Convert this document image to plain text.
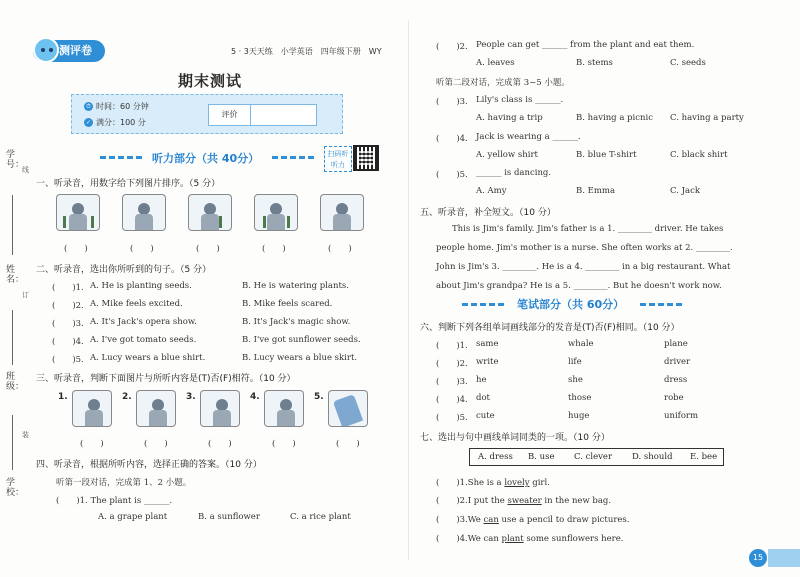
学号：
姓名：
班级：
学校：
线
订
装
测评卷	5 · 3天天练　小学英语　四年级下册　WY
期末测试
⏱ 时间：60 分钟
✓ 满分：100 分
评价
听力部分（共 40分）	扫码听听力
一、听录音，用数字给下列图片排序。（5 分）
(　　)	(　　)	(　　)	(　　)	(　　)
二、听录音，选出你所听到的句子。（5 分）
(　　)1. A. He is planting seeds.	B. He is watering plants.
(　　)2. A. Mike feels excited.	B. Mike feels scared.
(　　)3. A. It's Jack's opera show.	B. It's Jack's magic show.
(　　)4. A. I've got tomato seeds.	B. I've got sunflower seeds.
(　　)5. A. Lucy wears a blue shirt.	B. Lucy wears a blue skirt.
三、听录音，判断下面图片与所听内容是(T)否(F)相符。（10 分）
1.	2.	3.	4.	5.
(　　)	(　　)	(　　)	(　　)	(　　)
四、听录音，根据所听内容，选择正确的答案。（10 分）
听第一段对话，完成第 1、2 小题。
(　　)1. The plant is ______.
A. a grape plant	B. a sunflower	C. a rice plant
(　　)2. People can get ______ from the plant and eat them.
A. leaves	B. stems	C. seeds
听第二段对话，完成第 3~5 小题。
(　　)3. Lily's class is ______.
A. having a trip	B. having a picnic C. having a party
(　　)4. Jack is wearing a ______.
A. yellow shirt	B. blue T-shirt	C. black shirt
(　　)5. ______ is dancing.
A. Amy	B. Emma	C. Jack
五、听录音，补全短文。（10 分）
This is Jim's family. Jim's father is a 1. ________ driver. He takes
people home. Jim's mother is a nurse. She often works at 2. ________.
John is Jim's 3. ________. He is a 4. ________ in a big restaurant. What
about Jim's grandpa? He is a 5. ________. But he doesn't work now.
笔试部分（共 60分）
六、判断下列各组单词画线部分的发音是(T)否(F)相同。（10 分）
(　　)1. same	whale	plane
(　　)2. write	life	driver
(　　)3. he	she	dress
(　　)4. dot	those	robe
(　　)5. cute	huge	uniform
七、选出与句中画线单词同类的一项。（10 分）
A. dress B. use C. clever D. should E. bee
(　　)1.She is a lovely girl.
(　　)2.I put the sweater in the new bag.
(　　)3.We can use a pencil to draw pictures.
(　　)4.We can plant some sunflowers here.
15
